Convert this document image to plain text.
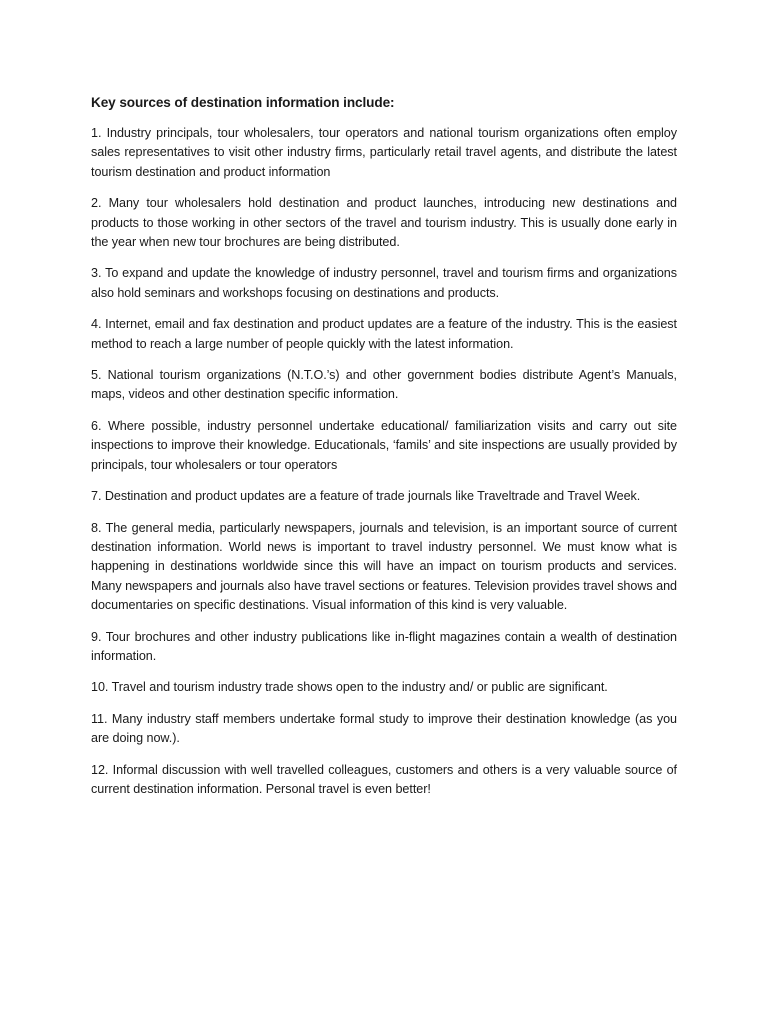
Key sources of destination information include:

1. Industry principals, tour wholesalers, tour operators and national tourism organizations often employ sales representatives to visit other industry firms, particularly retail travel agents, and distribute the latest tourism destination and product information

2. Many tour wholesalers hold destination and product launches, introducing new destinations and products to those working in other sectors of the travel and tourism industry. This is usually done early in the year when new tour brochures are being distributed.

3. To expand and update the knowledge of industry personnel, travel and tourism firms and organizations also hold seminars and workshops focusing on destinations and products.

4. Internet, email and fax destination and product updates are a feature of the industry. This is the easiest method to reach a large number of people quickly with the latest information.

5. National tourism organizations (N.T.O.’s) and other government bodies distribute Agent’s Manuals, maps, videos and other destination specific information.

6. Where possible, industry personnel undertake educational/ familiarization visits and carry out site inspections to improve their knowledge. Educationals, ‘famils’ and site inspections are usually provided by principals, tour wholesalers or tour operators

7. Destination and product updates are a feature of trade journals like Traveltrade and Travel Week.

8. The general media, particularly newspapers, journals and television, is an important source of current destination information. World news is important to travel industry personnel. We must know what is happening in destinations worldwide since this will have an impact on tourism products and services. Many newspapers and journals also have travel sections or features. Television provides travel shows and documentaries on specific destinations. Visual information of this kind is very valuable.

9. Tour brochures and other industry publications like in-flight magazines contain a wealth of destination information.

10. Travel and tourism industry trade shows open to the industry and/ or public are significant.

11. Many industry staff members undertake formal study to improve their destination knowledge (as you are doing now.).

12. Informal discussion with well travelled colleagues, customers and others is a very valuable source of current destination information. Personal travel is even better!
